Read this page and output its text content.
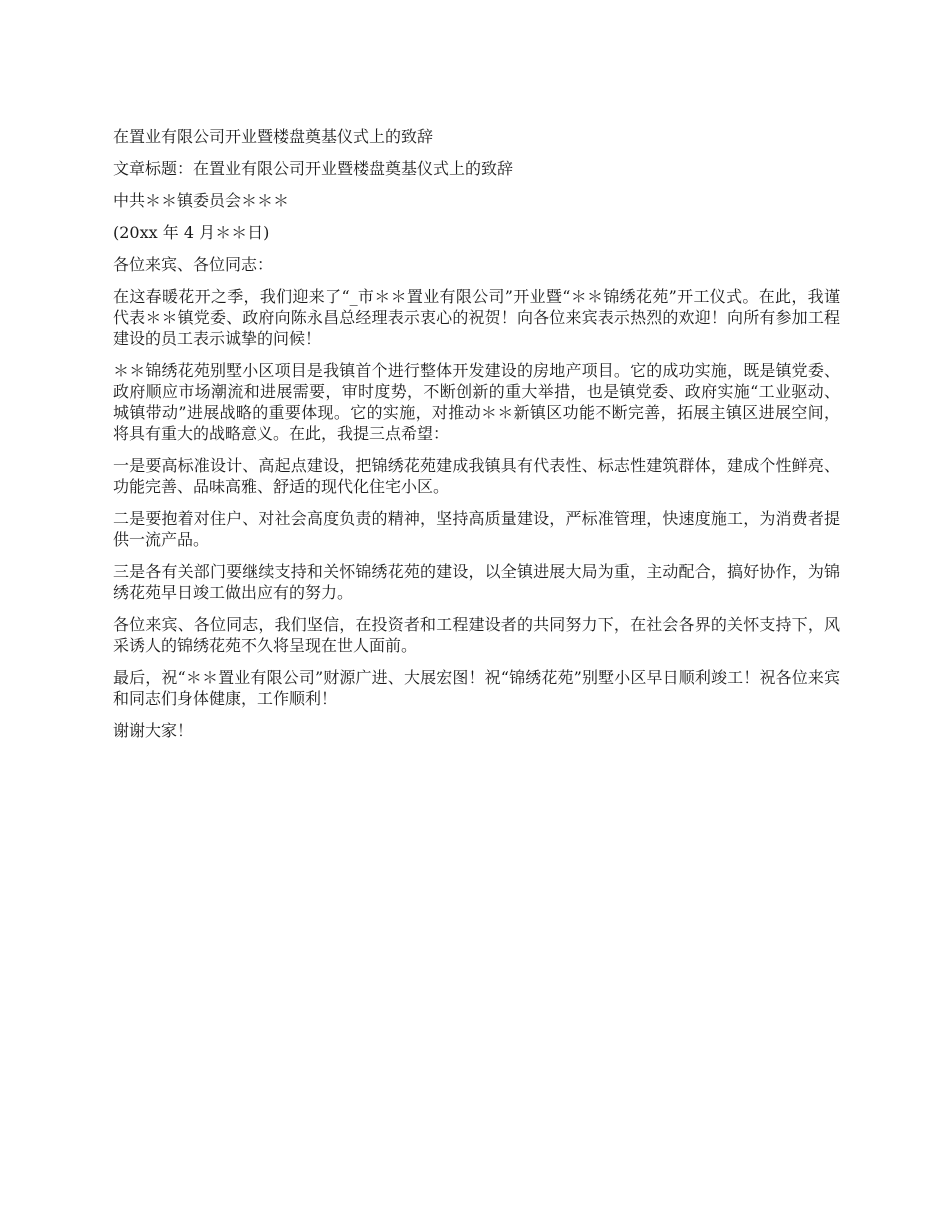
在置业有限公司开业暨楼盘奠基仪式上的致辞

文章标题：在置业有限公司开业暨楼盘奠基仪式上的致辞

中共＊＊镇委员会＊＊＊

(20xx 年 4 月＊＊日)

各位来宾、各位同志：

在这春暖花开之季，我们迎来了“_市＊＊置业有限公司”开业暨“＊＊锦绣花苑”开工仪式。在此，我谨代表＊＊镇党委、政府向陈永昌总经理表示衷心的祝贺！向各位来宾表示热烈的欢迎！向所有参加工程建设的员工表示诚挚的问候！

＊＊锦绣花苑别墅小区项目是我镇首个进行整体开发建设的房地产项目。它的成功实施，既是镇党委、政府顺应市场潮流和进展需要，审时度势，不断创新的重大举措，也是镇党委、政府实施“工业驱动、城镇带动”进展战略的重要体现。它的实施，对推动＊＊新镇区功能不断完善，拓展主镇区进展空间，将具有重大的战略意义。在此，我提三点希望：

一是要高标准设计、高起点建设，把锦绣花苑建成我镇具有代表性、标志性建筑群体，建成个性鲜亮、功能完善、品味高雅、舒适的现代化住宅小区。

二是要抱着对住户、对社会高度负责的精神，坚持高质量建设，严标准管理，快速度施工，为消费者提供一流产品。

三是各有关部门要继续支持和关怀锦绣花苑的建设，以全镇进展大局为重，主动配合，搞好协作，为锦绣花苑早日竣工做出应有的努力。

各位来宾、各位同志，我们坚信，在投资者和工程建设者的共同努力下，在社会各界的关怀支持下，风采诱人的锦绣花苑不久将呈现在世人面前。

最后，祝“＊＊置业有限公司”财源广进、大展宏图！祝“锦绣花苑”别墅小区早日顺利竣工！祝各位来宾和同志们身体健康，工作顺利！

谢谢大家！
